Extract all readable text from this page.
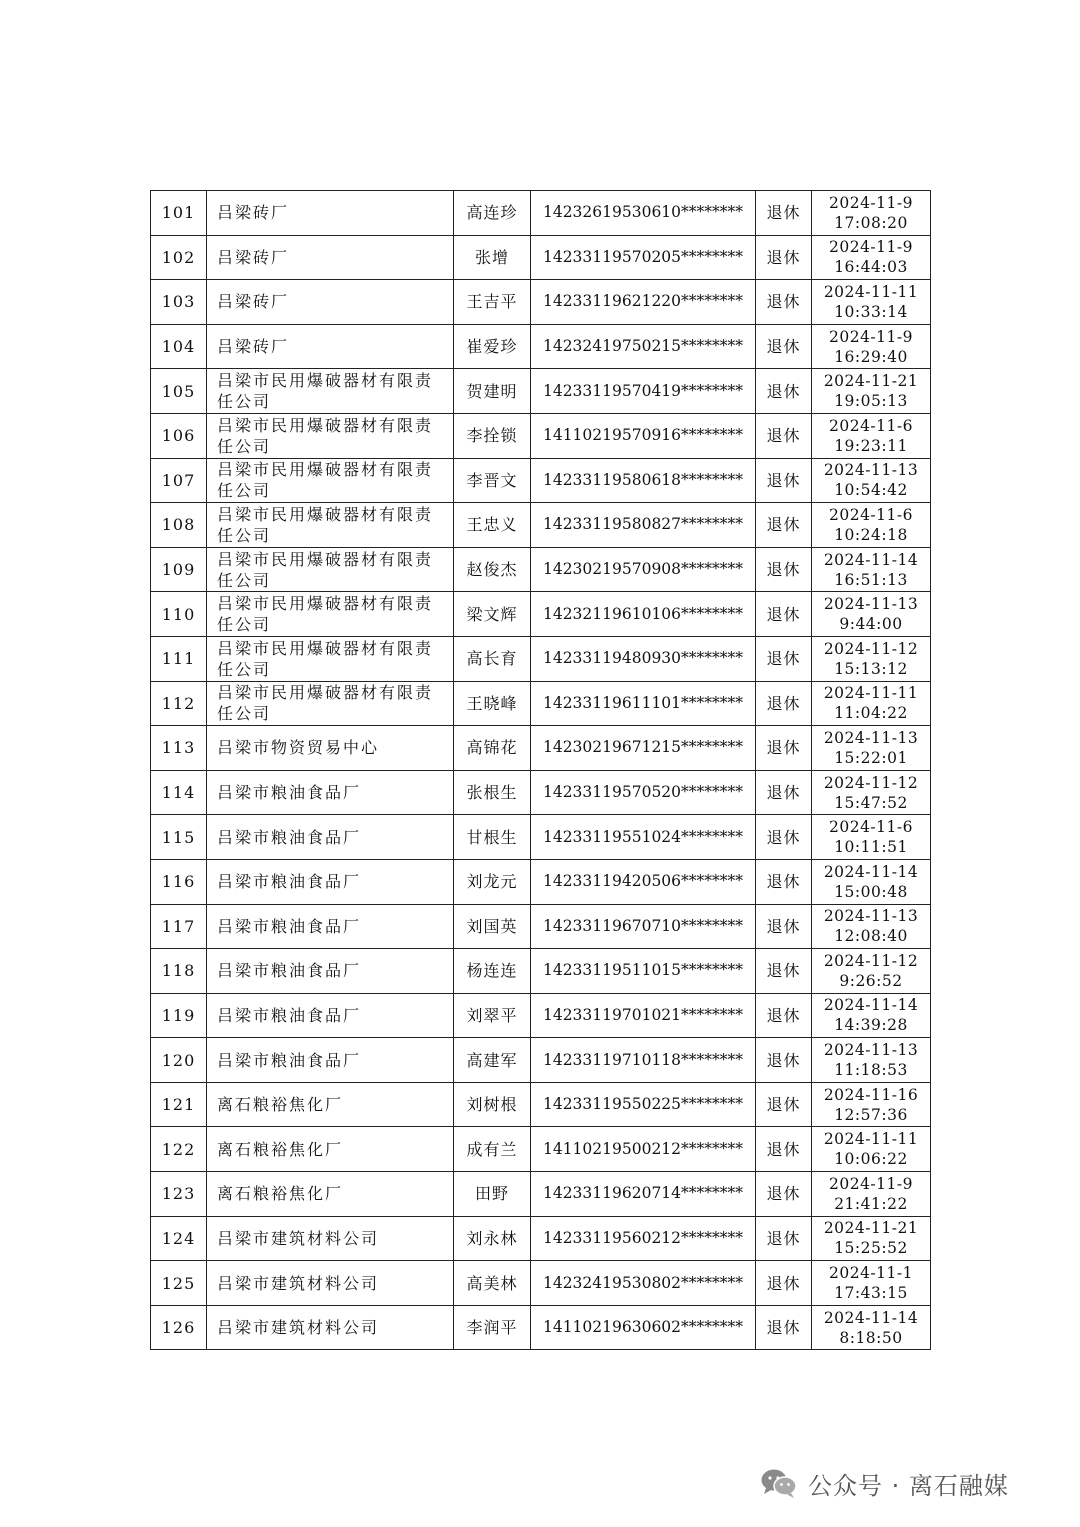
101	吕梁砖厂	高连珍	14232619530610********	退休	2024-11-9
17:08:20

102	吕梁砖厂	张增	14233119570205********	退休	2024-11-9
16:44:03

103	吕梁砖厂	王吉平	14233119621220********	退休	2024-11-11
10:33:14

104	吕梁砖厂	崔爱珍	14232419750215********	退休	2024-11-9
16:29:40

105	吕梁市民用爆破器材有限责任公司	贺建明	14233119570419********	退休	2024-11-21
19:05:13

106	吕梁市民用爆破器材有限责任公司	李拴锁	14110219570916********	退休	2024-11-6
19:23:11

107	吕梁市民用爆破器材有限责任公司	李晋文	14233119580618********	退休	2024-11-13
10:54:42

108	吕梁市民用爆破器材有限责任公司	王忠义	14233119580827********	退休	2024-11-6
10:24:18

109	吕梁市民用爆破器材有限责任公司	赵俊杰	14230219570908********	退休	2024-11-14
16:51:13

110	吕梁市民用爆破器材有限责任公司	梁文辉	14232119610106********	退休	2024-11-13
9:44:00

111	吕梁市民用爆破器材有限责任公司	高长育	14233119480930********	退休	2024-11-12
15:13:12

112	吕梁市民用爆破器材有限责任公司	王晓峰	14233119611101********	退休	2024-11-11
11:04:22

113	吕梁市物资贸易中心	高锦花	14230219671215********	退休	2024-11-13
15:22:01

114	吕梁市粮油食品厂	张根生	14233119570520********	退休	2024-11-12
15:47:52

115	吕梁市粮油食品厂	甘根生	14233119551024********	退休	2024-11-6
10:11:51

116	吕梁市粮油食品厂	刘龙元	14233119420506********	退休	2024-11-14
15:00:48

117	吕梁市粮油食品厂	刘国英	14233119670710********	退休	2024-11-13
12:08:40

118	吕梁市粮油食品厂	杨连连	14233119511015********	退休	2024-11-12
9:26:52

119	吕梁市粮油食品厂	刘翠平	14233119701021********	退休	2024-11-14
14:39:28

120	吕梁市粮油食品厂	高建军	14233119710118********	退休	2024-11-13
11:18:53

121	离石粮裕焦化厂	刘树根	14233119550225********	退休	2024-11-16
12:57:36

122	离石粮裕焦化厂	成有兰	14110219500212********	退休	2024-11-11
10:06:22

123	离石粮裕焦化厂	田野	14233119620714********	退休	2024-11-9
21:41:22

124	吕梁市建筑材料公司	刘永林	14233119560212********	退休	2024-11-21
15:25:52

125	吕梁市建筑材料公司	高美林	14232419530802********	退休	2024-11-1
17:43:15

126	吕梁市建筑材料公司	李润平	14110219630602********	退休	2024-11-14
8:18:50
公众号 · 离石融媒
